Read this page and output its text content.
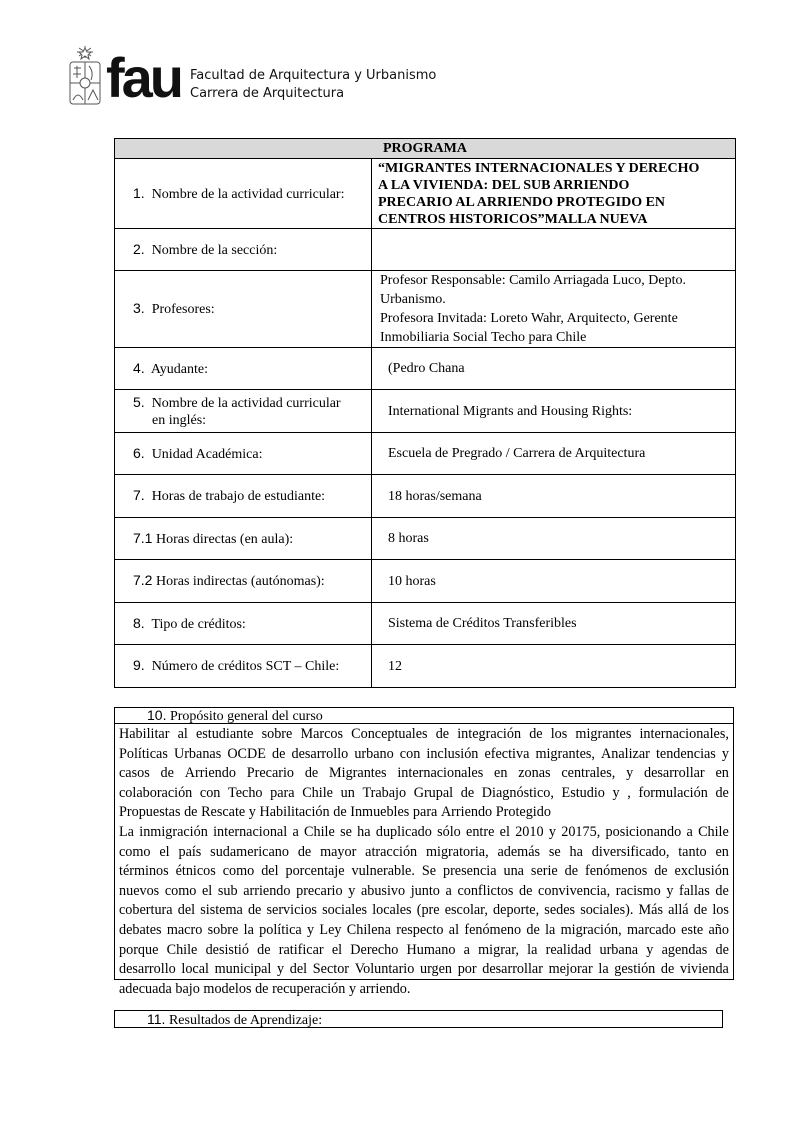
fau Facultad de Arquitectura y Urbanismo
Carrera de Arquitectura
PROGRAMA	
1. Nombre de la actividad curricular:	“MIGRANTES INTERNACIONALES Y DERECHO
A LA VIVIENDA: DEL SUB ARRIENDO
PRECARIO AL ARRIENDO PROTEGIDO EN
CENTROS HISTORICOS”MALLA NUEVA

2. Nombre de la sección:	
3. Profesores:	Profesor Responsable: Camilo Arriagada Luco, Depto.
Urbanismo.
Profesora Invitada: Loreto Wahr, Arquitecto, Gerente
Inmobiliaria Social Techo para Chile

4. Ayudante:	(Pedro Chana

5. Nombre de la actividad curricular
en inglés:	International Migrants and Housing Rights:
6. Unidad Académica:	Escuela de Pregrado / Carrera de Arquitectura
7. Horas de trabajo de estudiante:	18 horas/semana
7.1 Horas directas (en aula):	8 horas
7.2 Horas indirectas (autónomas):	10 horas
8. Tipo de créditos:	Sistema de Créditos Transferibles
9. Número de créditos SCT – Chile:	12
10. Propósito general del curso
Habilitar al estudiante sobre Marcos Conceptuales de integración de los migrantes internacionales,
Políticas Urbanas OCDE de desarrollo urbano con inclusión efectiva migrantes, Analizar tendencias y
casos de Arriendo Precario de Migrantes internacionales en zonas centrales, y desarrollar en
colaboración con Techo para Chile un Trabajo Grupal de Diagnóstico, Estudio y , formulación de
Propuestas de Rescate y Habilitación de Inmuebles para Arriendo Protegido
La inmigración internacional a Chile se ha duplicado sólo entre el 2010 y 20175, posicionando a Chile
como el país sudamericano de mayor atracción migratoria, además se ha diversificado, tanto en
términos étnicos como del porcentaje vulnerable. Se presencia una serie de fenómenos de exclusión
nuevos como el sub arriendo precario y abusivo junto a conflictos de convivencia, racismo y fallas de
cobertura del sistema de servicios sociales locales (pre escolar, deporte, sedes sociales). Más allá de los
debates macro sobre la política y Ley Chilena respecto al fenómeno de la migración, marcado este año
porque Chile desistió de ratificar el Derecho Humano a migrar, la realidad urbana y agendas de
desarrollo local municipal y del Sector Voluntario urgen por desarrollar mejorar la gestión de vivienda
adecuada bajo modelos de recuperación y arriendo.
11. Resultados de Aprendizaje:
